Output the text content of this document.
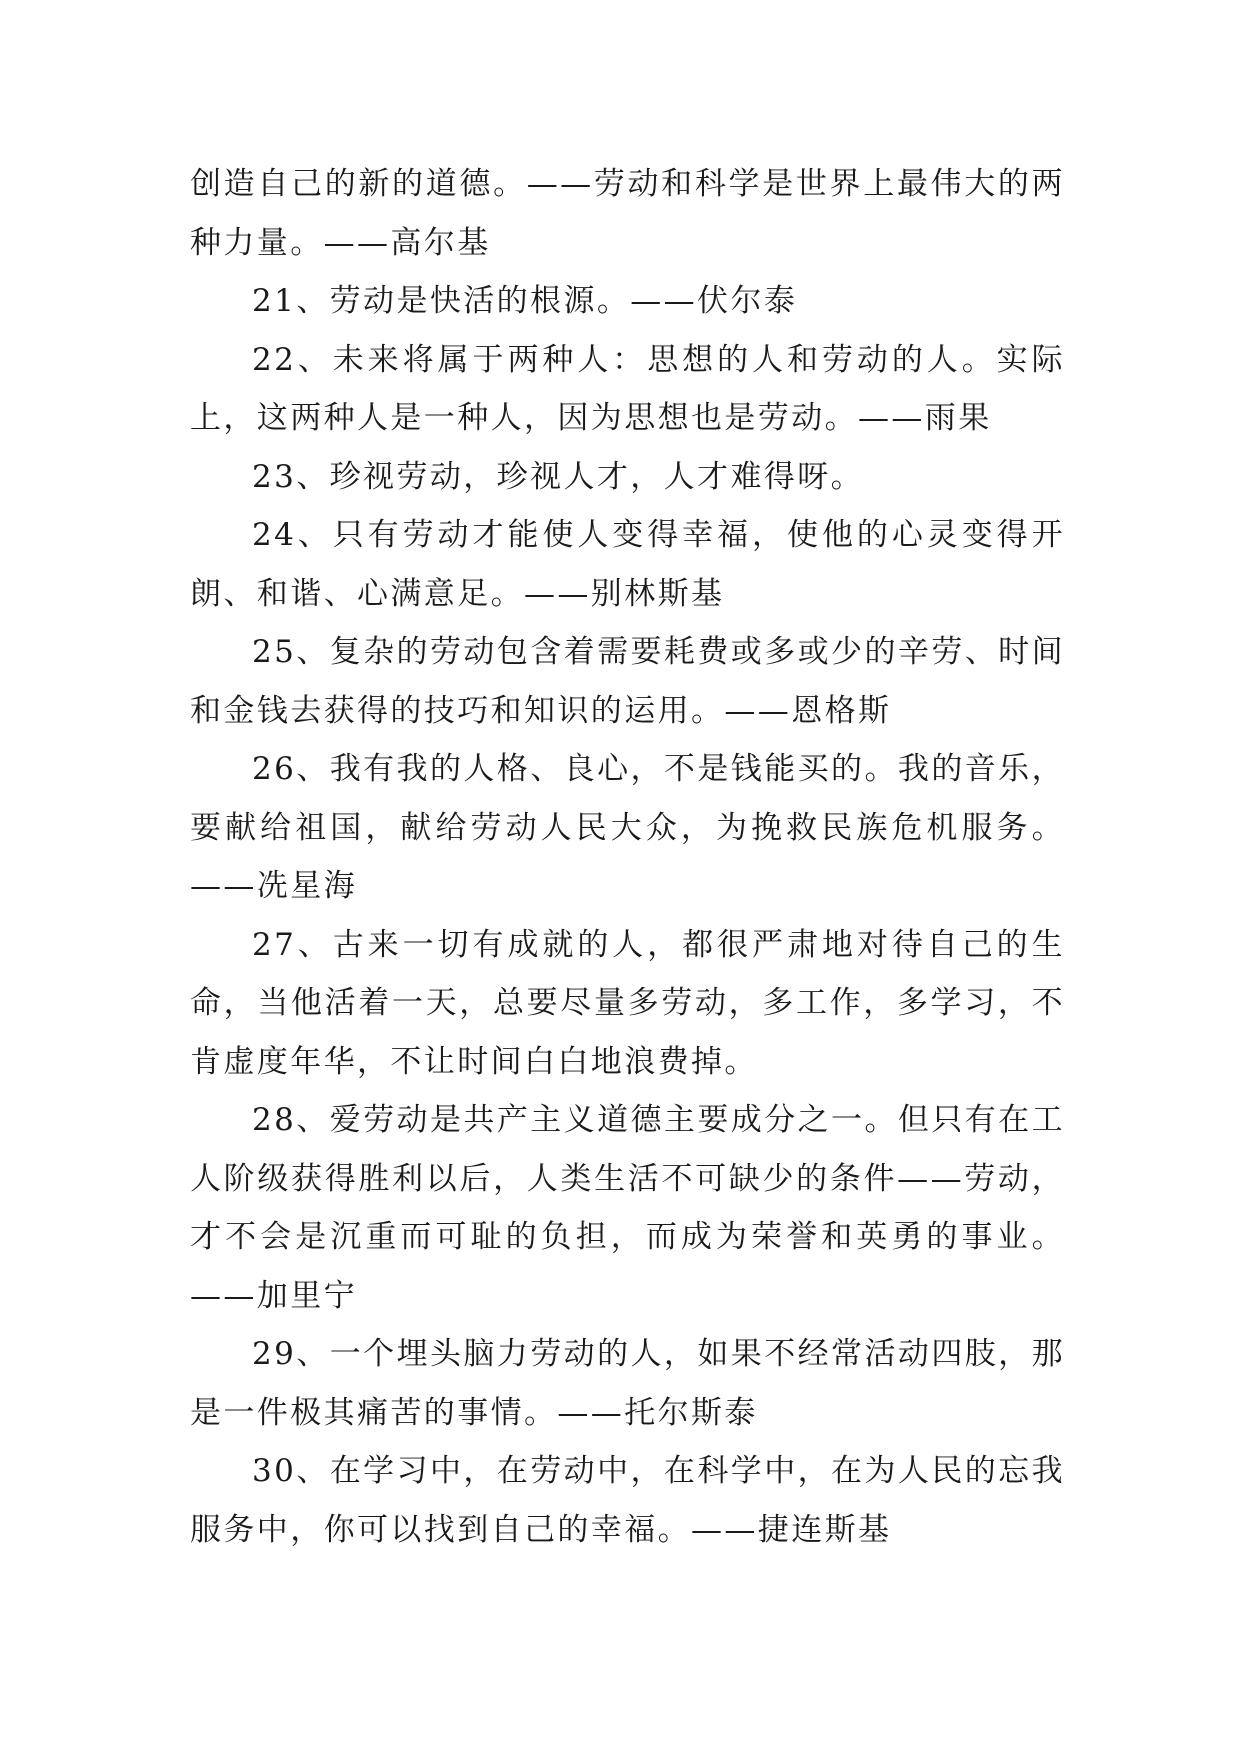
创造自己的新的道德。——劳动和科学是世界上最伟大的两种力量。——高尔基

21、劳动是快活的根源。——伏尔泰

22、未来将属于两种人：思想的人和劳动的人。实际上，这两种人是一种人，因为思想也是劳动。——雨果

23、珍视劳动，珍视人才，人才难得呀。

24、只有劳动才能使人变得幸福，使他的心灵变得开朗、和谐、心满意足。——别林斯基

25、复杂的劳动包含着需要耗费或多或少的辛劳、时间和金钱去获得的技巧和知识的运用。——恩格斯

26、我有我的人格、良心，不是钱能买的。我的音乐，要献给祖国，献给劳动人民大众，为挽救民族危机服务。——冼星海

27、古来一切有成就的人，都很严肃地对待自己的生命，当他活着一天，总要尽量多劳动，多工作，多学习，不肯虚度年华，不让时间白白地浪费掉。

28、爱劳动是共产主义道德主要成分之一。但只有在工人阶级获得胜利以后，人类生活不可缺少的条件——劳动，才不会是沉重而可耻的负担，而成为荣誉和英勇的事业。——加里宁

29、一个埋头脑力劳动的人，如果不经常活动四肢，那是一件极其痛苦的事情。——托尔斯泰

30、在学习中，在劳动中，在科学中，在为人民的忘我服务中，你可以找到自己的幸福。——捷连斯基
